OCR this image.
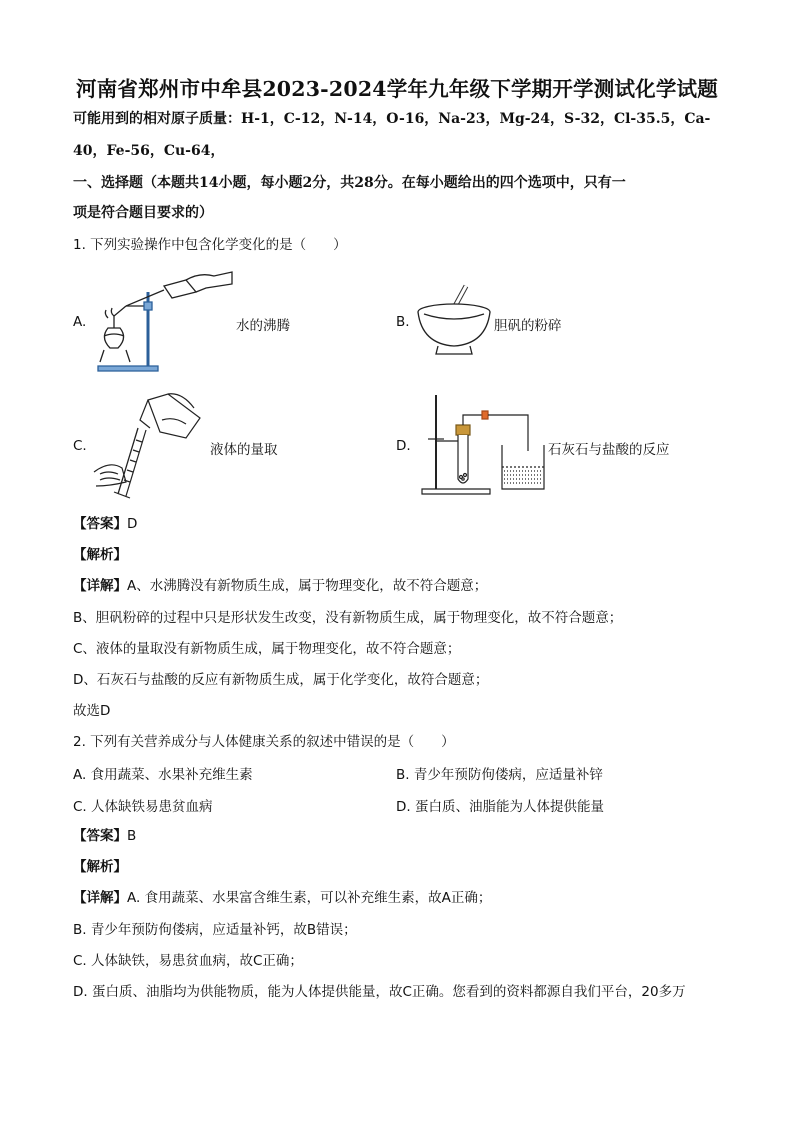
河南省郑州市中牟县2023-2024学年九年级下学期开学测试化学试题
可能用到的相对原子质量：H-1，C-12，N-14，O-16，Na-23，Mg-24，S-32，Cl-35.5，Ca-
40，Fe-56，Cu-64，
一、选择题（本题共14小题，每小题2分，共28分。在每小题给出的四个选项中，只有一
项是符合题目要求的）
1. 下列实验操作中包含化学变化的是（　　）
A.	水的沸腾	B.	胆矾的粉碎
C.	液体的量取	D.	石灰石与盐酸的反应
【答案】D
【解析】
【详解】A、水沸腾没有新物质生成，属于物理变化，故不符合题意；
B、胆矾粉碎的过程中只是形状发生改变，没有新物质生成，属于物理变化，故不符合题意；
C、液体的量取没有新物质生成，属于物理变化，故不符合题意；
D、石灰石与盐酸的反应有新物质生成，属于化学变化，故符合题意；
故选D
2. 下列有关营养成分与人体健康关系的叙述中错误的是（　　）
A. 食用蔬菜、水果补充维生素	B. 青少年预防佝偻病，应适量补锌
C. 人体缺铁易患贫血病	D. 蛋白质、油脂能为人体提供能量
【答案】B
【解析】
【详解】A. 食用蔬菜、水果富含维生素，可以补充维生素，故A正确；
B. 青少年预防佝偻病，应适量补钙，故B错误；
C. 人体缺铁，易患贫血病，故C正确；
D. 蛋白质、油脂均为供能物质，能为人体提供能量，故C正确。您看到的资料都源自我们平台，20多万
